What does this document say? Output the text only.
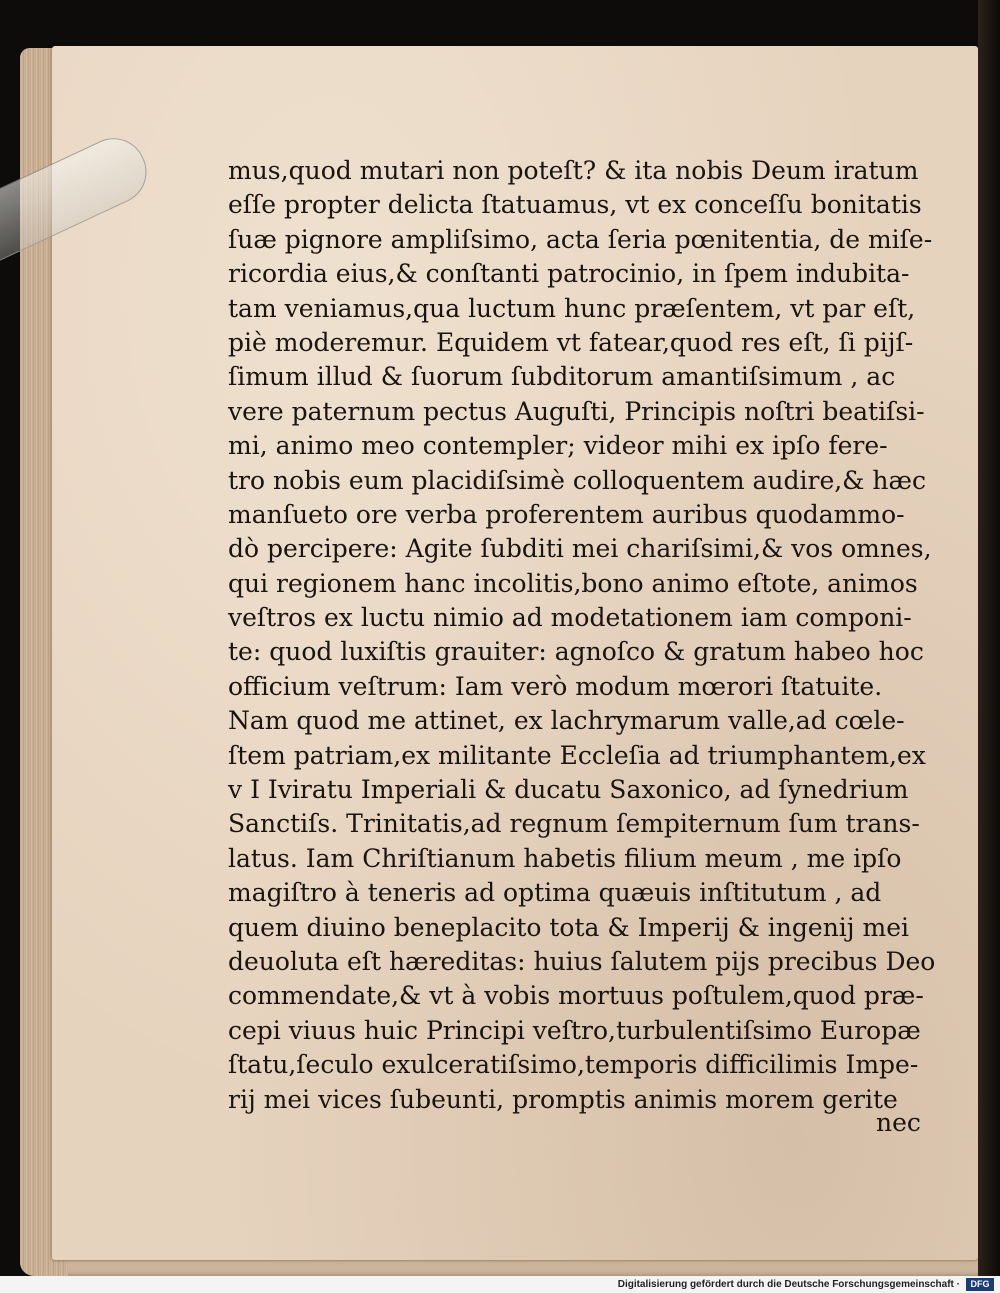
mus,quod mutari non poteſt? & ita nobis Deum iratum
eſſe propter delicta ſtatuamus, vt ex conceſſu bonitatis
ſuæ pignore ampliſsimo, acta ſeria pœnitentia, de miſe-
ricordia eius,& conſtanti patrocinio, in ſpem indubita-
tam veniamus,qua luctum hunc præſentem, vt par eſt,
piè moderemur. Equidem vt fatear,quod res eſt, ſi pijſ-
ſimum illud & ſuorum ſubditorum amantiſsimum , ac
vere paternum pectus Auguſti, Principis noſtri beatiſsi-
mi, animo meo contempler; videor mihi ex ipſo fere-
tro nobis eum placidiſsimè colloquentem audire,& hæc
manſueto ore verba proferentem auribus quodammo-
dò percipere: Agite ſubditi mei chariſsimi,& vos omnes,
qui regionem hanc incolitis,bono animo eſtote, animos
veſtros ex luctu nimio ad modetationem iam componi-
te: quod luxiſtis grauiter: agnoſco & gratum habeo hoc
officium veſtrum: Iam verò modum mœrori ſtatuite.
Nam quod me attinet, ex lachrymarum valle,ad cœle-
ſtem patriam,ex militante Eccleſia ad triumphantem,ex
v I Iviratu Imperiali & ducatu Saxonico, ad ſynedrium
Sanctiſs. Trinitatis,ad regnum ſempiternum ſum trans-
latus. Iam Chriſtianum habetis filium meum , me ipſo
magiſtro à teneris ad optima quæuis inſtitutum , ad
quem diuino beneplacito tota & Imperij & ingenij mei
deuoluta eſt hæreditas: huius ſalutem pijs precibus Deo
commendate,& vt à vobis mortuus poſtulem,quod præ-
cepi viuus huic Principi veſtro,turbulentiſsimo Europæ
ſtatu,ſeculo exulceratiſsimo,temporis difficilimis Impe-
rij mei vices ſubeunti, promptis animis morem gerite
nec
Digitalisierung gefördert durch die Deutsche Forschungsgemeinschaft ·	DFG
